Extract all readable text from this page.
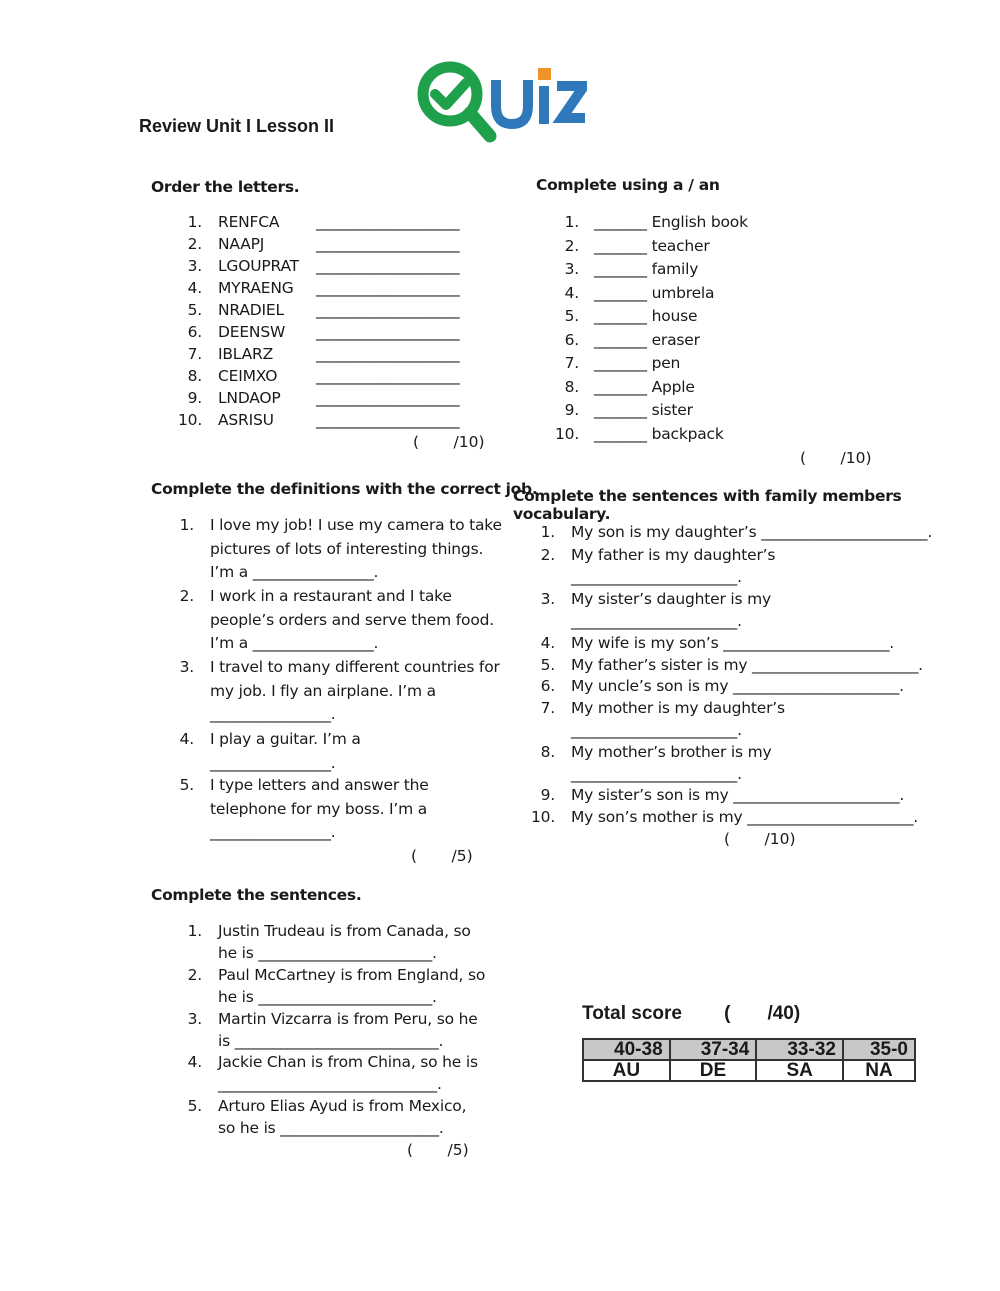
Review Unit I Lesson II
Order the letters.
1. RENFCA ___________________
2. NAAPJ	___________________
3. LGOUPRAT ___________________
4. MYRAENG ___________________
5. NRADIEL ___________________
6. DEENSW ___________________
7. IBLARZ	___________________
8. CEIMXO	___________________
9. LNDAOP ___________________
10. ASRISU	___________________
(       /10)
Complete using a / an
1. _______ English book
2. _______ teacher
3. _______ family
4. _______ umbrela
5. _______ house
6. _______ eraser
7. _______ pen
8. _______ Apple
9. _______ sister
10. _______ backpack
(       /10)
Complete the definitions with the correct job.
1. I love my job! I use my camera to take
pictures of lots of interesting things.
I’m a ________________.
2. I work in a restaurant and I take
people’s orders and serve them food.
I’m a ________________.
3. I travel to many different countries for
my job. I fly an airplane. I’m a
________________.
4. I play a guitar. I’m a
________________.
5. I type letters and answer the
telephone for my boss. I’m a
________________.
(       /5)
Complete the sentences with family members vocabulary.
1. My son is my daughter’s ______________________.
2. My father is my daughter’s
______________________.
3. My sister’s daughter is my
______________________.
4. My wife is my son’s ______________________.
5. My father’s sister is my ______________________.
6. My uncle’s son is my ______________________.
7. My mother is my daughter’s
______________________.
8. My mother’s brother is my
______________________.
9. My sister’s son is my ______________________.
10. My son’s mother is my ______________________.
(       /10)
Complete the sentences.
1. Justin Trudeau is from Canada, so
he is _______________________.
2. Paul McCartney is from England, so
he is _______________________.
3. Martin Vizcarra is from Peru, so he
is ___________________________.
4. Jackie Chan is from China, so he is
_____________________________.
5. Arturo Elias Ayud is from Mexico,
so he is _____________________.
(       /5)
Total score        (       /40)
40-38	37-34	33-32	35-0
AU	DE	SA	NA
